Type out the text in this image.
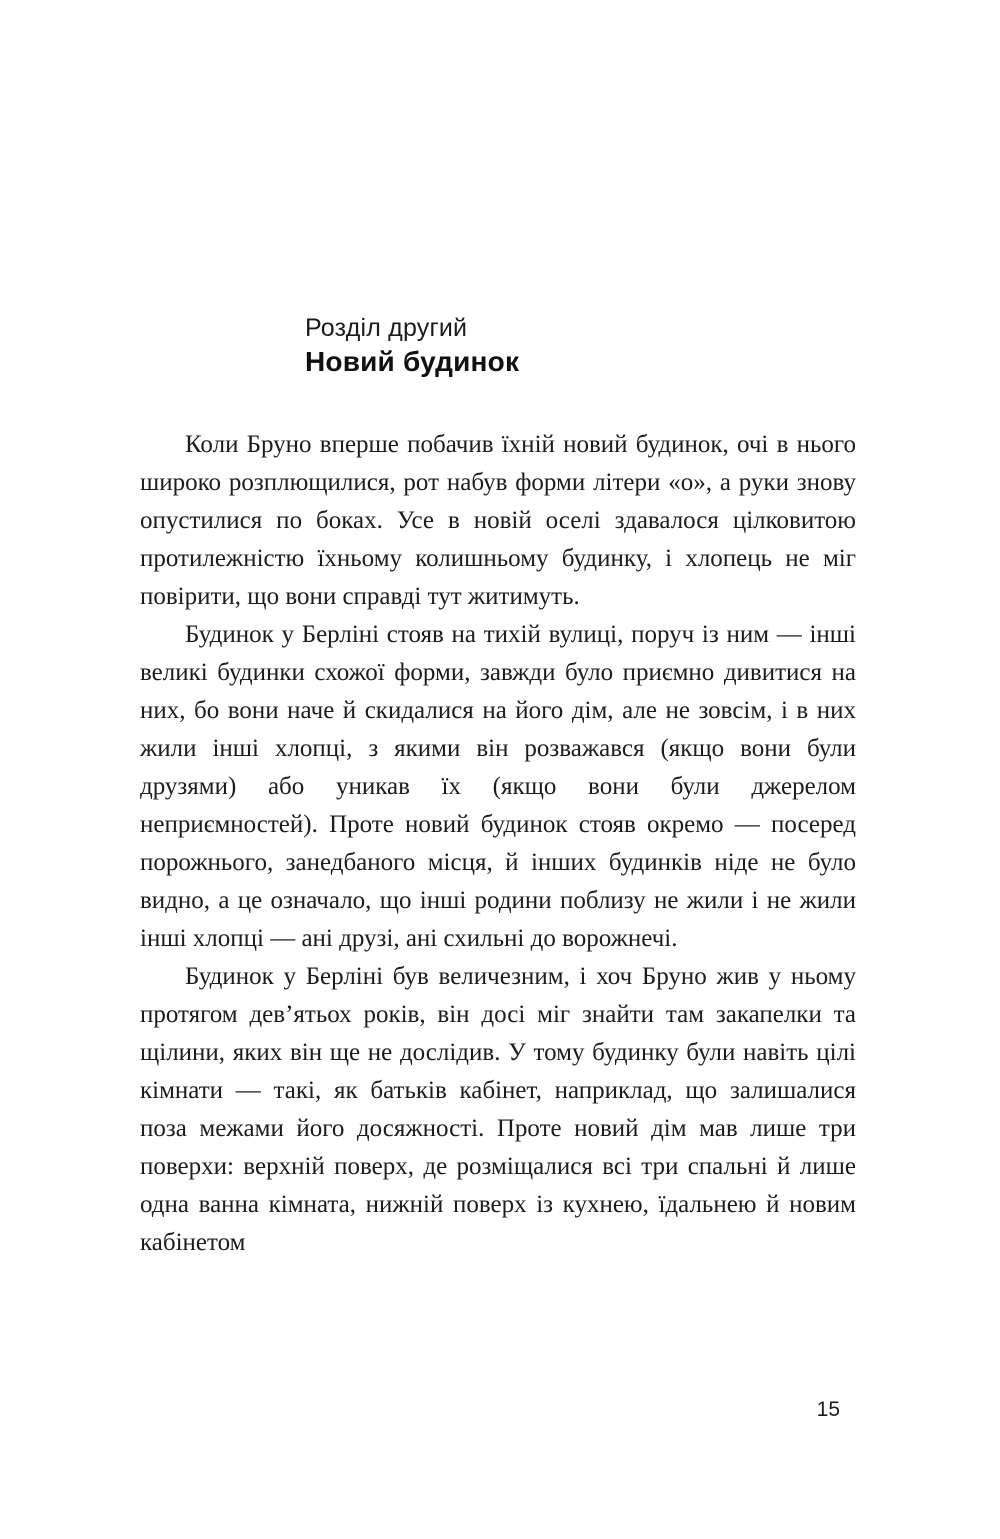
Розділ другий
Новий будинок

Коли Бруно вперше побачив їхній новий будинок, очі в нього широко розплющилися, рот набув форми літери «о», а руки знову опустилися по боках. Усе в новій оселі здавалося цілковитою протилежністю їхньому колишньому будинку, і хлопець не міг повірити, що вони справді тут житимуть.

Будинок у Берліні стояв на тихій вулиці, поруч із ним — інші великі будинки схожої форми, завжди було приємно дивитися на них, бо вони наче й скидалися на його дім, але не зовсім, і в них жили інші хлопці, з якими він розважався (якщо вони були друзями) або уникав їх (якщо вони були джерелом неприємностей). Проте новий будинок стояв окремо — посеред порожнього, занедбаного місця, й інших будинків ніде не було видно, а це означало, що інші родини поблизу не жили і не жили інші хлопці — ані друзі, ані схильні до ворожнечі.

Будинок у Берліні був величезним, і хоч Бруно жив у ньому протягом дев’ятьох років, він досі міг знайти там закапелки та щілини, яких він ще не дослідив. У тому будинку були навіть цілі кімнати — такі, як батьків кабінет, наприклад, що залишалися поза межами його досяжності. Проте новий дім мав лише три поверхи: верхній поверх, де розміщалися всі три спальні й лише одна ванна кімната, нижній поверх із кухнею, їдальнею й новим кабінетом

15
